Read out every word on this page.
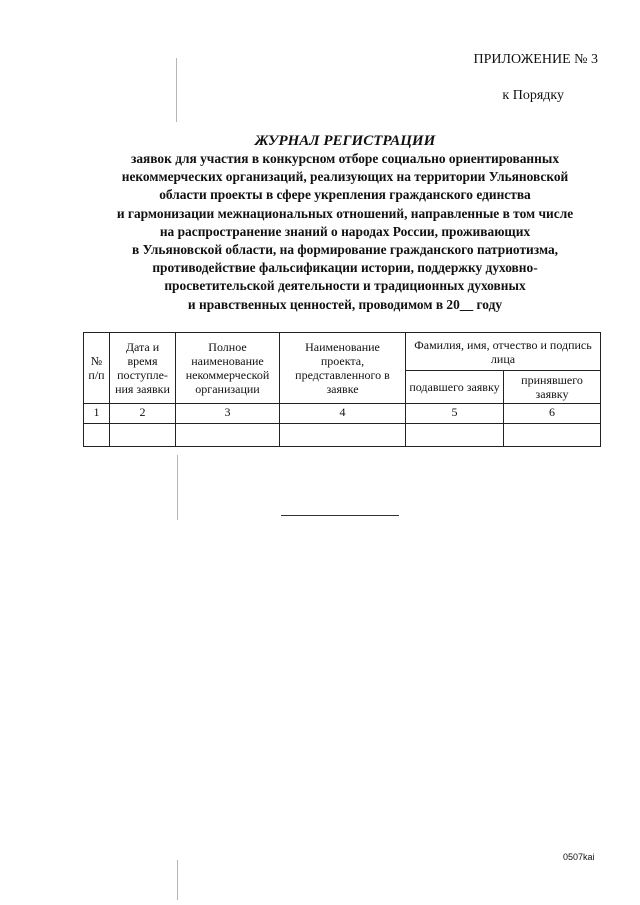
ПРИЛОЖЕНИЕ № 3
к Порядку
ЖУРНАЛ РЕГИСТРАЦИИ
заявок для участия в конкурсном отборе социально ориентированных
некоммерческих организаций, реализующих на территории Ульяновской
области проекты в сфере укрепления гражданского единства
и гармонизации межнациональных отношений, направленные в том числе
на распространение знаний о народах России, проживающих
в Ульяновской области, на формирование гражданского патриотизма,
противодействие фальсификации истории, поддержку духовно-
просветительской деятельности и традиционных духовных
и нравственных ценностей, проводимом в 20__ году
№ п/п	Дата и время поступле-ния заявки	Полное наименование некоммерческой организации	Наименование проекта, представленного в заявке	Фамилия, имя, отчество и подпись лица	
				подавшего заявку	принявшего заявку
1	2	3	4	5	6

0507kai
